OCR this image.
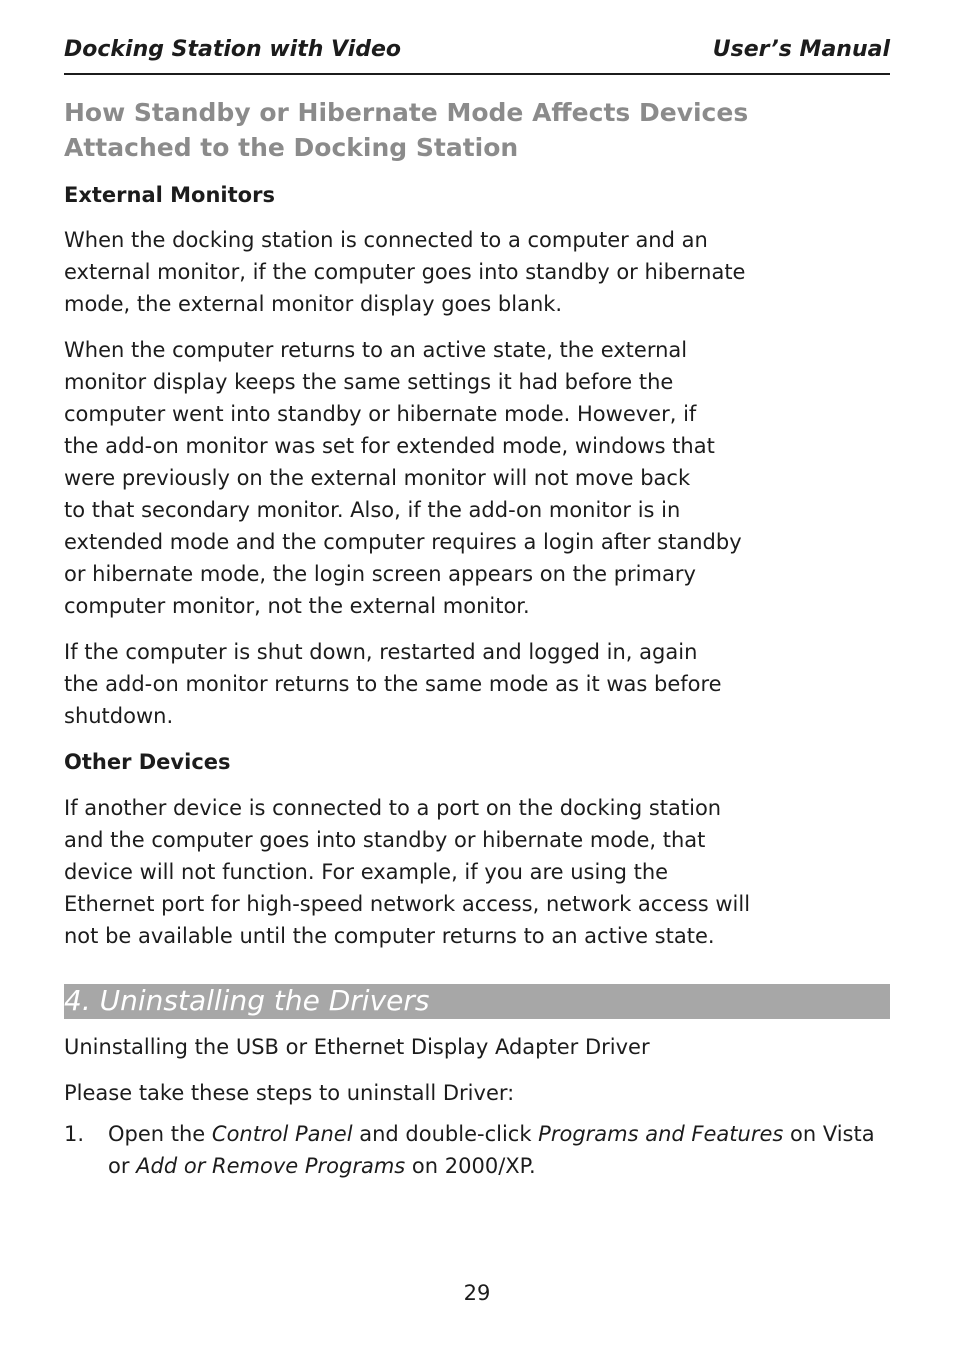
Docking Station with Video	User’s Manual
How Standby or Hibernate Mode Affects Devices
Attached to the Docking Station
External Monitors

When the docking station is connected to a computer and an
external monitor, if the computer goes into standby or hibernate
mode, the external monitor display goes blank.

When the computer returns to an active state, the external
monitor display keeps the same settings it had before the
computer went into standby or hibernate mode. However, if
the add-on monitor was set for extended mode, windows that
were previously on the external monitor will not move back
to that secondary monitor. Also, if the add-on monitor is in
extended mode and the computer requires a login after standby
or hibernate mode, the login screen appears on the primary
computer monitor, not the external monitor.

If the computer is shut down, restarted and logged in, again
the add-on monitor returns to the same mode as it was before
shutdown.

Other Devices

If another device is connected to a port on the docking station
and the computer goes into standby or hibernate mode, that
device will not function. For example, if you are using the
Ethernet port for high-speed network access, network access will
not be available until the computer returns to an active state.

4. Uninstalling the Drivers

Uninstalling the USB or Ethernet Display Adapter Driver

Please take these steps to uninstall Driver:

1. Open the Control Panel and double-click Programs and Features on Vista or Add or Remove Programs on 2000/XP.
29
